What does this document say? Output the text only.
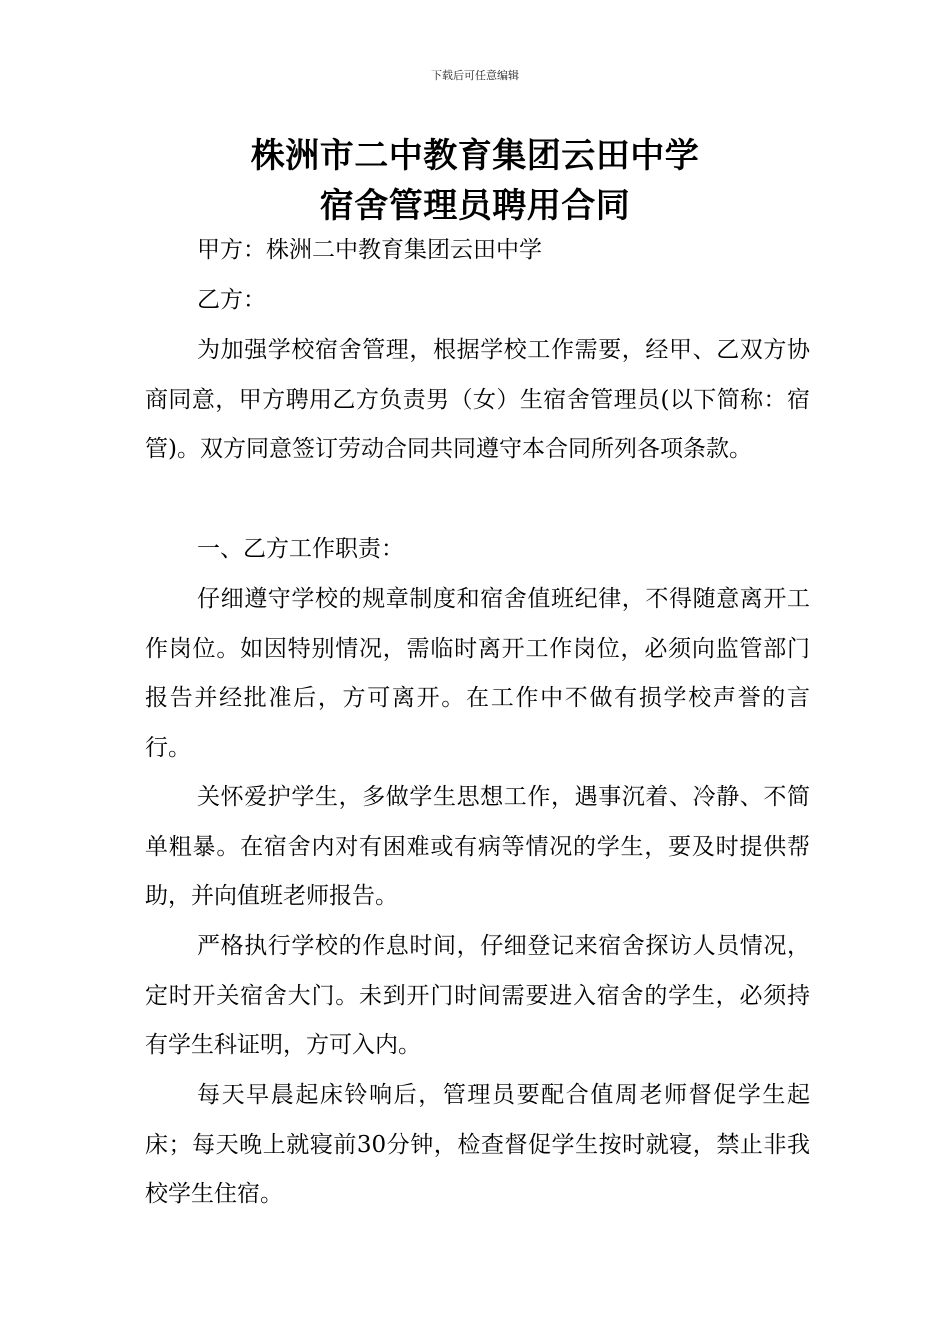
下载后可任意编辑
株洲市二中教育集团云田中学
宿舍管理员聘用合同
甲方：株洲二中教育集团云田中学
乙方：
为加强学校宿舍管理，根据学校工作需要，经甲、乙双方协商同意，甲方聘用乙方负责男（女）生宿舍管理员(以下简称：宿管)。双方同意签订劳动合同共同遵守本合同所列各项条款。
一、乙方工作职责：
仔细遵守学校的规章制度和宿舍值班纪律，不得随意离开工作岗位。如因特别情况，需临时离开工作岗位，必须向监管部门报告并经批准后，方可离开。在工作中不做有损学校声誉的言行。
关怀爱护学生，多做学生思想工作，遇事沉着、冷静、不简单粗暴。在宿舍内对有困难或有病等情况的学生，要及时提供帮助，并向值班老师报告。
严格执行学校的作息时间，仔细登记来宿舍探访人员情况，定时开关宿舍大门。未到开门时间需要进入宿舍的学生，必须持有学生科证明，方可入内。
每天早晨起床铃响后，管理员要配合值周老师督促学生起床；每天晚上就寝前30分钟，检查督促学生按时就寝，禁止非我校学生住宿。
